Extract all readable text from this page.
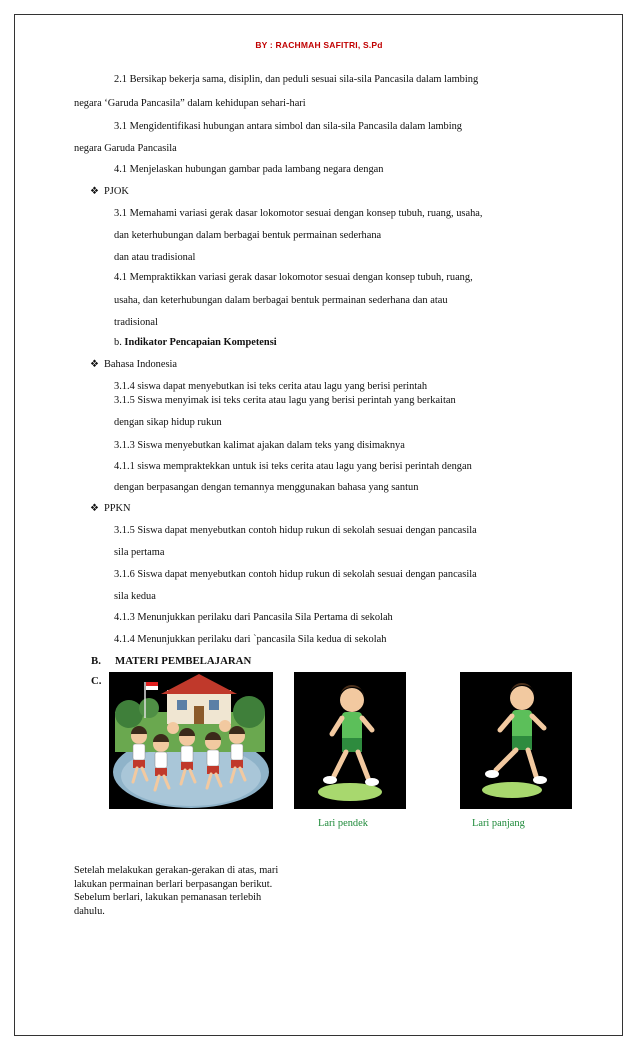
BY : RACHMAH SAFITRI, S.Pd
2.1 Bersikap bekerja sama, disiplin, dan peduli sesuai sila-sila Pancasila dalam lambing
negara ‘Garuda Pancasila” dalam kehidupan sehari-hari
3.1 Mengidentifikasi hubungan antara simbol dan sila-sila Pancasila dalam lambing
negara Garuda Pancasila
4.1 Menjelaskan hubungan gambar pada lambang negara dengan
❖ PJOK
3.1 Memahami variasi gerak dasar lokomotor sesuai dengan konsep tubuh, ruang, usaha,
dan keterhubungan dalam berbagai bentuk permainan sederhana
dan atau tradisional
4.1 Mempraktikkan variasi gerak dasar lokomotor sesuai dengan konsep tubuh, ruang,
usaha, dan keterhubungan dalam berbagai bentuk permainan sederhana dan atau
tradisional
b. Indikator Pencapaian Kompetensi
❖ Bahasa Indonesia
3.1.4 siswa dapat menyebutkan isi teks cerita atau lagu yang berisi perintah
3.1.5 Siswa menyimak isi teks cerita atau lagu yang berisi perintah yang berkaitan
dengan sikap hidup rukun
3.1.3 Siswa menyebutkan kalimat ajakan dalam teks yang disimaknya
4.1.1 siswa mempraktekkan untuk isi teks cerita atau lagu yang berisi perintah dengan
dengan berpasangan dengan temannya menggunakan bahasa yang santun
❖ PPKN
3.1.5 Siswa dapat menyebutkan contoh hidup rukun di sekolah sesuai dengan pancasila
sila pertama
3.1.6 Siswa dapat menyebutkan contoh hidup rukun di sekolah sesuai dengan pancasila
sila kedua
4.1.3 Menunjukkan perilaku dari Pancasila Sila Pertama di sekolah
4.1.4 Menunjukkan perilaku dari `pancasila Sila kedua di sekolah
B. MATERI PEMBELAJARAN
C.
Lari pendek	Lari panjang
Setelah melakukan gerakan-gerakan di atas, mari
lakukan permainan berlari berpasangan berikut.
Sebelum berlari, lakukan pemanasan terlebih
dahulu.
